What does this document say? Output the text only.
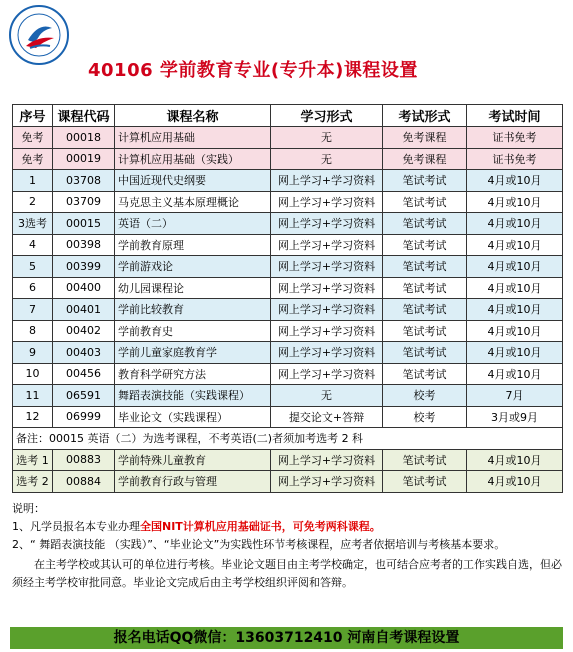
40106 学前教育专业(专升本)课程设置
序号	课程代码	课程名称	学习形式	考试形式	考试时间
免考	00018	计算机应用基础	无	免考课程	证书免考
免考	00019	计算机应用基础（实践）	无	免考课程	证书免考
1	03708	中国近现代史纲要	网上学习+学习资料	笔试考试	4月或10月
2	03709	马克思主义基本原理概论	网上学习+学习资料	笔试考试	4月或10月
3选考	00015	英语（二）	网上学习+学习资料	笔试考试	4月或10月
4	00398	学前教育原理	网上学习+学习资料	笔试考试	4月或10月
5	00399	学前游戏论	网上学习+学习资料	笔试考试	4月或10月
6	00400	幼儿园课程论	网上学习+学习资料	笔试考试	4月或10月
7	00401	学前比较教育	网上学习+学习资料	笔试考试	4月或10月
8	00402	学前教育史	网上学习+学习资料	笔试考试	4月或10月
9	00403	学前儿童家庭教育学	网上学习+学习资料	笔试考试	4月或10月
10	00456	教育科学研究方法	网上学习+学习资料	笔试考试	4月或10月
11	06591	舞蹈表演技能（实践课程）	无	校考	7月
12	06999	毕业论文（实践课程）	提交论文+答辩	校考	3月或9月
备注：00015 英语（二）为选考课程，不考英语(二)者须加考选考 2 科					
选考 1	00883	学前特殊儿童教育	网上学习+学习资料	笔试考试	4月或10月
选考 2	00884	学前教育行政与管理	网上学习+学习资料	笔试考试	4月或10月

说明：

1、凡学员报名本专业办理全国NIT计算机应用基础证书，可免考两科课程。

2、“ 舞蹈表演技能 （实践）”、“毕业论文”为实践性环节考核课程，应考者依据培训与考核基本要求。

在主考学校或其认可的单位进行考核。毕业论文题目由主考学校确定，也可结合应考者的工作实践自选，但必须经主考学校审批同意。毕业论文完成后由主考学校组织评阅和答辩。

报名电话QQ微信：13603712410 河南自考课程设置
